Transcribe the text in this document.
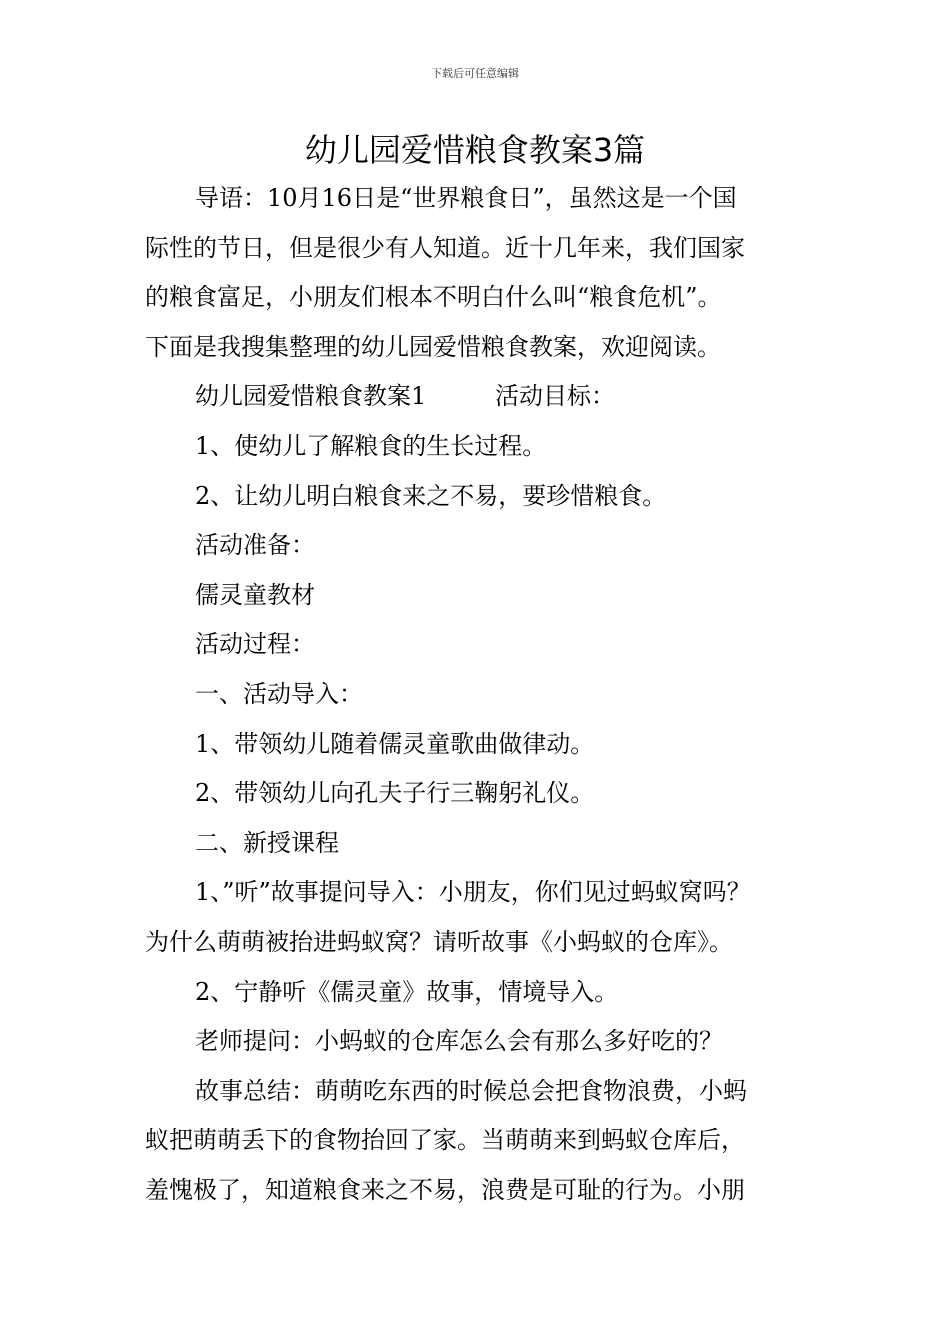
下载后可任意编辑
幼儿园爱惜粮食教案3篇

导语：10月16日是“世界粮食日”，虽然这是一个国

际性的节日，但是很少有人知道。近十几年来，我们国家

的粮食富足，小朋友们根本不明白什么叫“粮食危机”。

下面是我搜集整理的幼儿园爱惜粮食教案，欢迎阅读。

幼儿园爱惜粮食教案1	活动目标：

1、使幼儿了解粮食的生长过程。

2、让幼儿明白粮食来之不易，要珍惜粮食。

活动准备：

儒灵童教材

活动过程：

一、活动导入：

1、带领幼儿随着儒灵童歌曲做律动。

2、带领幼儿向孔夫子行三鞠躬礼仪。

二、新授课程

1、”听”故事提问导入：小朋友，你们见过蚂蚁窝吗？

为什么萌萌被抬进蚂蚁窝？请听故事《小蚂蚁的仓库》。

2、宁静听《儒灵童》故事，情境导入。

老师提问：小蚂蚁的仓库怎么会有那么多好吃的？

故事总结：萌萌吃东西的时候总会把食物浪费，小蚂

蚁把萌萌丢下的食物抬回了家。当萌萌来到蚂蚁仓库后，

羞愧极了，知道粮食来之不易，浪费是可耻的行为。小朋
